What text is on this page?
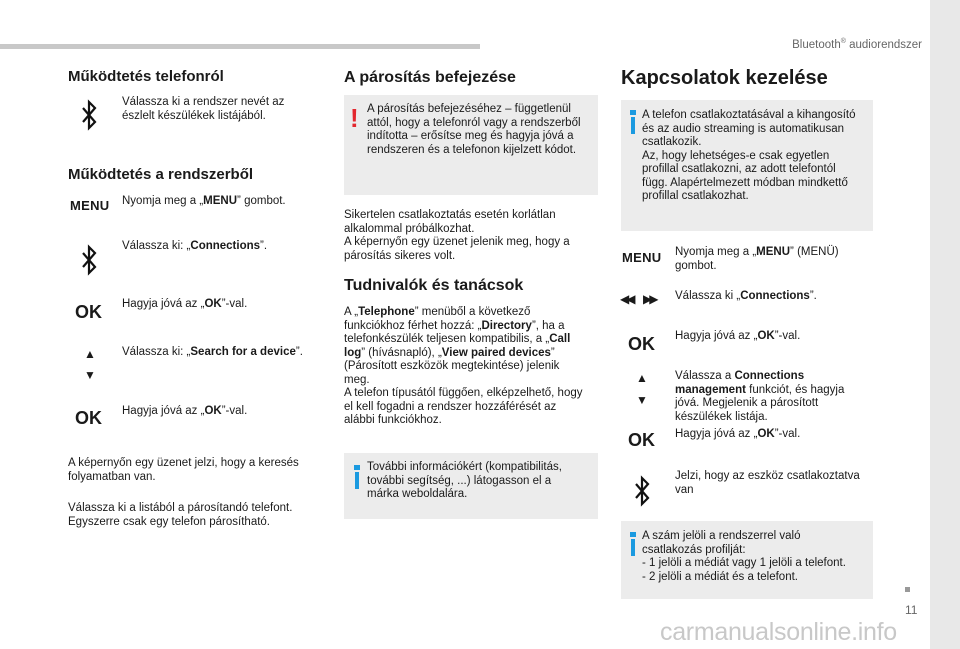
Bluetooth® audiorendszer
Működtetés telefonról
Válassza ki a rendszer nevét az
észlelt készülékek listájából.
Működtetés a rendszerből
MENU Nyomja meg a „MENU” gombot.
Válassza ki: „Connections”.
OK Hagyja jóvá az „OK”-val.
▲
▼
Válassza ki: „Search for a device”.
OK Hagyja jóvá az „OK”-val.
A képernyőn egy üzenet jelzi, hogy a keresés
folyamatban van.
Válassza ki a listából a párosítandó telefont.
Egyszerre csak egy telefon párosítható.
A párosítás befejezése
! A párosítás befejezéséhez – függetlenül
attól, hogy a telefonról vagy a rendszerből
indította – erősítse meg és hagyja jóvá a
rendszeren és a telefonon kijelzett kódot.
Sikertelen csatlakoztatás esetén korlátlan
alkalommal próbálkozhat.
A képernyőn egy üzenet jelenik meg, hogy a
párosítás sikeres volt.
Tudnivalók és tanácsok
A „Telephone” menüből a következő
funkciókhoz férhet hozzá: „Directory”, ha a
telefonkészülék teljesen kompatibilis, a „Call
log” (hívásnapló), „View paired devices”
(Párosított eszközök megtekintése) jelenik
meg.
A telefon típusától függően, elképzelhető, hogy
el kell fogadni a rendszer hozzáférését az
alábbi funkciókhoz.
További információkért (kompatibilitás,
további segítség, ...) látogasson el a
márka weboldalára.
Kapcsolatok kezelése
A telefon csatlakoztatásával a kihangosító
és az audio streaming is automatikusan
csatlakozik.
Az, hogy lehetséges-e csak egyetlen
profillal csatlakozni, az adott telefontól
függ. Alapértelmezett módban mindkettő
profillal csatlakozhat.
MENU Nyomja meg a „MENU” (MENÜ)
gombot.
◀◀ ▶▶ Válassza ki „Connections”.
OK Hagyja jóvá az „OK”-val.
▲
▼
Válassza a Connections
management funkciót, és hagyja
jóvá. Megjelenik a párosított
készülékek listája.
OK Hagyja jóvá az „OK”-val.
Jelzi, hogy az eszköz csatlakoztatva
van
A szám jelöli a rendszerrel való
csatlakozás profilját:
- 1 jelöli a médiát vagy 1 jelöli a telefont.
- 2 jelöli a médiát és a telefont.
11
carmanualsonline.info
